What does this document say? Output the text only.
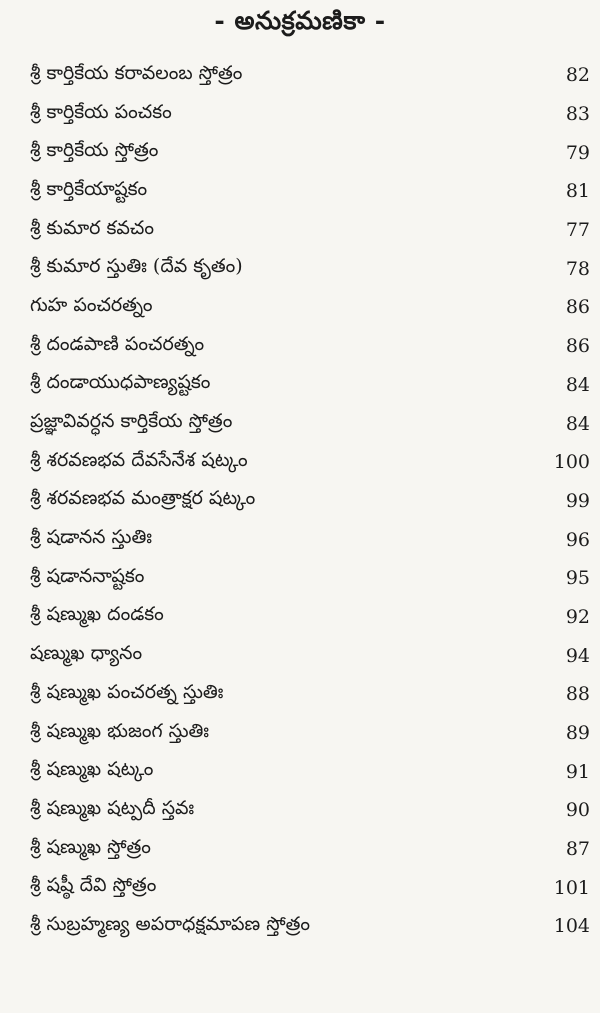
- అనుక్రమణికా -
శ్రీ కార్తికేయ కరావలంబ స్తోత్రం	82
శ్రీ కార్తికేయ పంచకం	83
శ్రీ కార్తికేయ స్తోత్రం	79
శ్రీ కార్తికేయాష్టకం	81
శ్రీ కుమార కవచం	77
శ్రీ కుమార స్తుతిః (దేవ కృతం)	78
గుహ పంచరత్నం	86
శ్రీ దండపాణి పంచరత్నం	86
శ్రీ దండాయుధపాణ్యష్టకం	84
ప్రజ్ఞావివర్ధన కార్తికేయ స్తోత్రం	84
శ్రీ శరవణభవ దేవసేనేశ షట్కం	100
శ్రీ శరవణభవ మంత్రాక్షర షట్కం	99
శ్రీ షడానన స్తుతిః	96
శ్రీ షడాననాష్టకం	95
శ్రీ షణ్ముఖ దండకం	92
షణ్ముఖ ధ్యానం	94
శ్రీ షణ్ముఖ పంచరత్న స్తుతిః	88
శ్రీ షణ్ముఖ భుజంగ స్తుతిః	89
శ్రీ షణ్ముఖ షట్కం	91
శ్రీ షణ్ముఖ షట్పదీ స్తవః	90
శ్రీ షణ్ముఖ స్తోత్రం	87
శ్రీ షష్ఠీ దేవి స్తోత్రం	101
శ్రీ సుబ్రహ్మణ్య అపరాధక్షమాపణ స్తోత్రం	104
